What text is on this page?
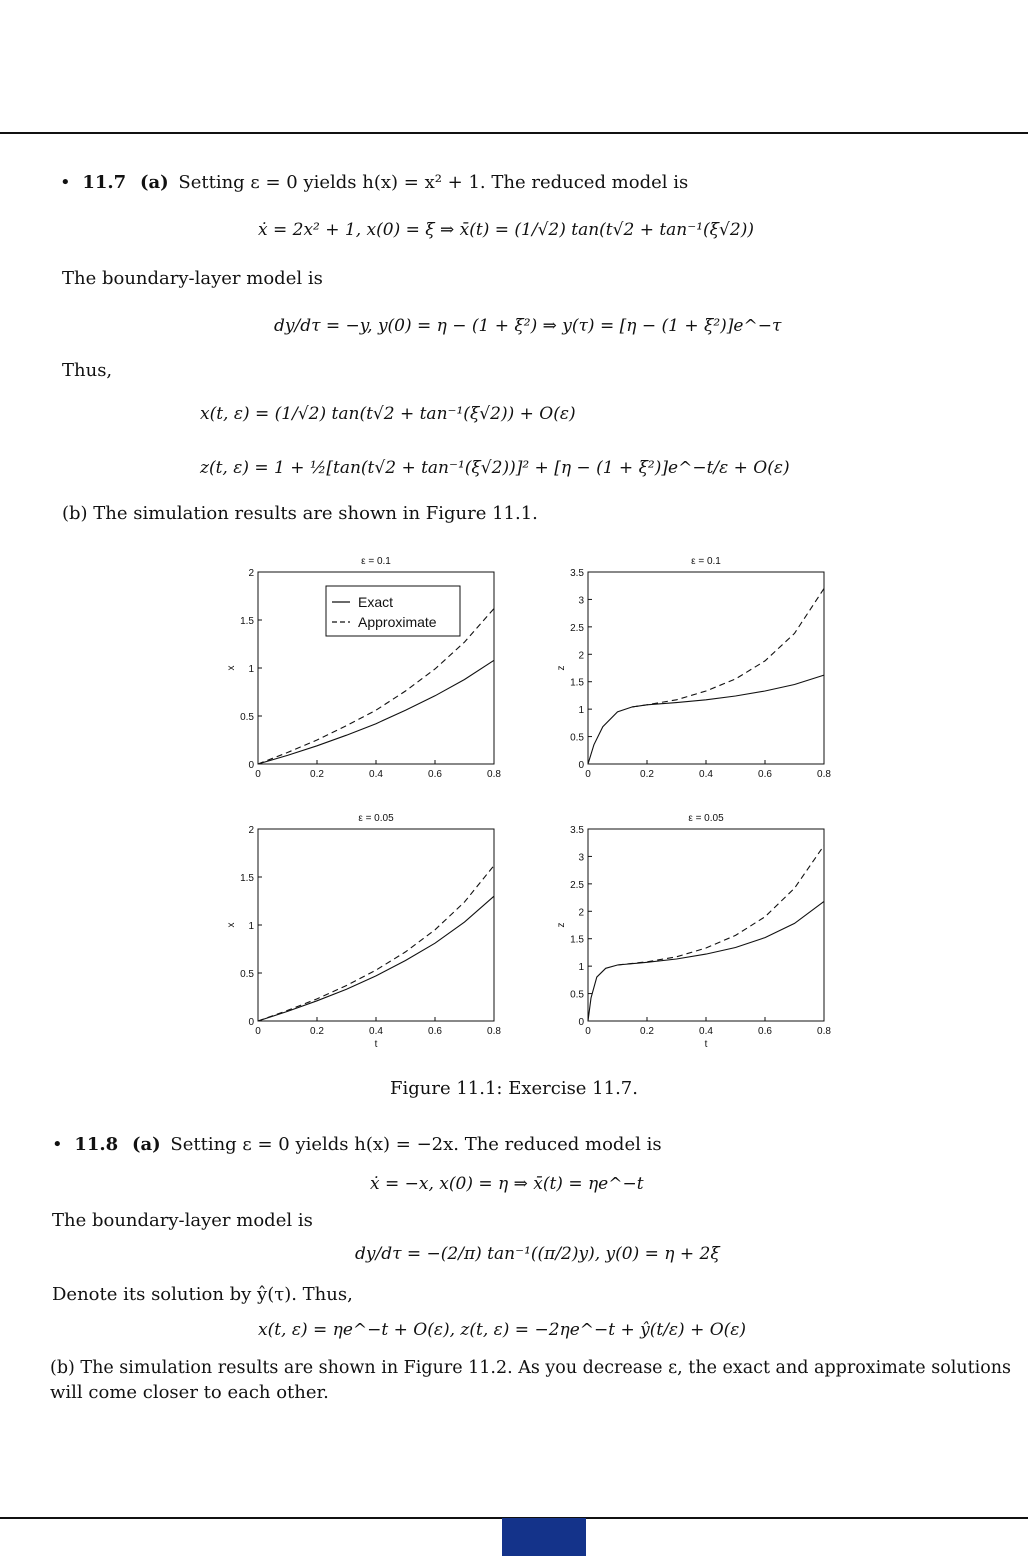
• 11.7 (a) Setting ε = 0 yields h(x) = x² + 1. The reduced model is
ẋ = 2x² + 1, x(0) = ξ ⇒ x̄(t) = (1/√2) tan(t√2 + tan⁻¹(ξ√2))
The boundary-layer model is
dy/dτ = −y, y(0) = η − (1 + ξ²) ⇒ y(τ) = [η − (1 + ξ²)]e^−τ
Thus,
x(t, ε) = (1/√2) tan(t√2 + tan⁻¹(ξ√2)) + O(ε)
z(t, ε) = 1 + ½[tan(t√2 + tan⁻¹(ξ√2))]² + [η − (1 + ξ²)]e^−t/ε + O(ε)
(b) The simulation results are shown in Figure 11.1.
ε = 0.1
0	0.2	0.4	0.6	0.8
0
0.5
1
1.5
2
x
Exact
Approximate
ε = 0.1
0	0.2	0.4	0.6	0.8
0
0.5
1
1.5
2
2.5
3
3.5
z
ε = 0.05
0	0.2	0.4	0.6	0.8
0
0.5
1
1.5
2
x
t
ε = 0.05
0	0.2	0.4	0.6	0.8
0
0.5
1
1.5
2
2.5
3
3.5
z
t
Figure 11.1: Exercise 11.7.
• 11.8 (a) Setting ε = 0 yields h(x) = −2x. The reduced model is
ẋ = −x, x(0) = η ⇒ x̄(t) = ηe^−t
The boundary-layer model is
dy/dτ = −(2/π) tan⁻¹((π/2)y), y(0) = η + 2ξ
Denote its solution by ŷ(τ). Thus,
x(t, ε) = ηe^−t + O(ε), z(t, ε) = −2ηe^−t + ŷ(t/ε) + O(ε)
(b) The simulation results are shown in Figure 11.2. As you decrease ε, the exact and approximate solutions
will come closer to each other.
